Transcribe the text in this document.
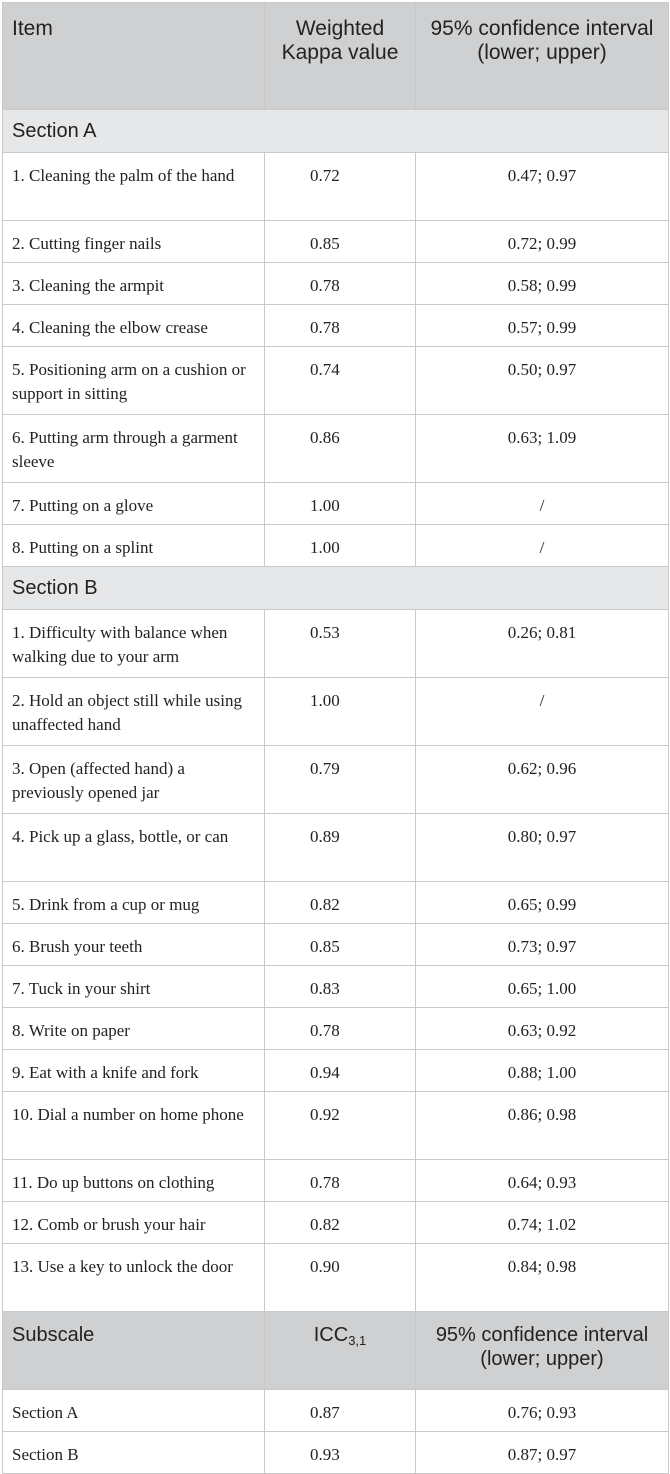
Item	Weighted Kappa value	95% confidence interval (lower; upper)
Section A		
1. Cleaning the palm of the hand	0.72	0.47; 0.97
2. Cutting finger nails	0.85	0.72; 0.99
3. Cleaning the armpit	0.78	0.58; 0.99
4. Cleaning the elbow crease	0.78	0.57; 0.99
5. Positioning arm on a cushion or support in sitting	0.74	0.50; 0.97
6. Putting arm through a garment sleeve	0.86	0.63; 1.09
7. Putting on a glove	1.00	/
8. Putting on a splint	1.00	/
Section B		
1. Difficulty with balance when walking due to your arm	0.53	0.26; 0.81
2. Hold an object still while using unaffected hand	1.00	/
3. Open (affected hand) a previously opened jar	0.79	0.62; 0.96
4. Pick up a glass, bottle, or can	0.89	0.80; 0.97
5. Drink from a cup or mug	0.82	0.65; 0.99
6. Brush your teeth	0.85	0.73; 0.97
7. Tuck in your shirt	0.83	0.65; 1.00
8. Write on paper	0.78	0.63; 0.92
9. Eat with a knife and fork	0.94	0.88; 1.00
10. Dial a number on home phone	0.92	0.86; 0.98
11. Do up buttons on clothing	0.78	0.64; 0.93
12. Comb or brush your hair	0.82	0.74; 1.02
13. Use a key to unlock the door	0.90	0.84; 0.98
Subscale	$ICC_{3,1}$	95% confidence interval (lower; upper)
Section A	0.87	0.76; 0.93
Section B	0.93	0.87; 0.97
